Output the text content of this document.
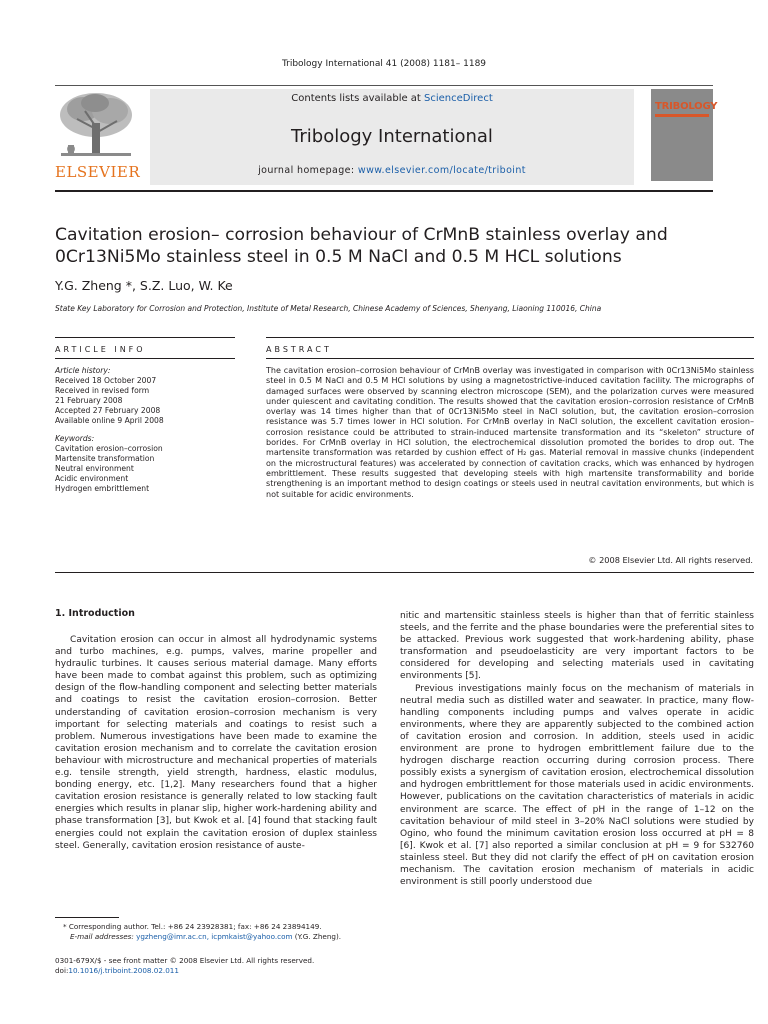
Tribology International 41 (2008) 1181– 1189
ELSEVIER
Contents lists available at ScienceDirect
Tribology International
journal homepage: www.elsevier.com/locate/triboint
TRIBOLOGY
Cavitation erosion– corrosion behaviour of CrMnB stainless overlay and
0Cr13Ni5Mo stainless steel in 0.5 M NaCl and 0.5 M HCL solutions
Y.G. Zheng *, S.Z. Luo, W. Ke
State Key Laboratory for Corrosion and Protection, Institute of Metal Research, Chinese Academy of Sciences, Shenyang, Liaoning 110016, China
ARTICLE INFO	ABSTRACT
Article history:
Received 18 October 2007
Received in revised form
21 February 2008
Accepted 27 February 2008
Available online 9 April 2008
Keywords:
Cavitation erosion–corrosion
Martensite transformation
Neutral environment
Acidic environment
Hydrogen embrittlement
The cavitation erosion–corrosion behaviour of CrMnB overlay was investigated in comparison with 0Cr13Ni5Mo stainless steel in 0.5 M NaCl and 0.5 M HCl solutions by using a magnetostrictive-induced cavitation facility. The micrographs of damaged surfaces were observed by scanning electron microscope (SEM), and the polarization curves were measured under quiescent and cavitating condition. The results showed that the cavitation erosion–corrosion resistance of CrMnB overlay was 14 times higher than that of 0Cr13Ni5Mo steel in NaCl solution, but, the cavitation erosion–corrosion resistance was 5.7 times lower in HCl solution. For CrMnB overlay in NaCl solution, the excellent cavitation erosion–corrosion resistance could be attributed to strain-induced martensite transformation and its “skeleton” structure of borides. For CrMnB overlay in HCl solution, the electrochemical dissolution promoted the borides to drop out. The martensite transformation was retarded by cushion effect of H₂ gas. Material removal in massive chunks (independent on the microstructural features) was accelerated by connection of cavitation cracks, which was enhanced by hydrogen embrittlement. These results suggested that developing steels with high martensite transformability and boride strengthening is an important method to design coatings or steels used in neutral cavitation environments, but which is not suitable for acidic environments.
© 2008 Elsevier Ltd. All rights reserved.
1. Introduction

Cavitation erosion can occur in almost all hydrodynamic systems and turbo machines, e.g. pumps, valves, marine propeller and hydraulic turbines. It causes serious material damage. Many efforts have been made to combat against this problem, such as optimizing design of the flow-handling component and selecting better materials and coatings to resist the cavitation erosion–corrosion. Better understanding of cavitation erosion–corrosion mechanism is very important for selecting materials and coatings to resist such a problem. Numerous investigations have been made to examine the cavitation erosion mechanism and to correlate the cavitation erosion behaviour with microstructure and mechanical properties of materials e.g. tensile strength, yield strength, hardness, elastic modulus, bonding energy, etc. [1,2]. Many researchers found that a higher cavitation erosion resistance is generally related to low stacking fault energies which results in planar slip, higher work-hardening ability and phase transformation [3], but Kwok et al. [4] found that stacking fault energies could not explain the cavitation erosion of duplex stainless steel. Generally, cavitation erosion resistance of auste-

nitic and martensitic stainless steels is higher than that of ferritic stainless steels, and the ferrite and the phase boundaries were the preferential sites to be attacked. Previous work suggested that work-hardening ability, phase transformation and pseudoelasticity are very important factors to be considered for developing and selecting materials used in cavitating environments [5].

Previous investigations mainly focus on the mechanism of materials in neutral media such as distilled water and seawater. In practice, many flow-handling components including pumps and valves operate in acidic environments, where they are apparently subjected to the combined action of cavitation erosion and corrosion. In addition, steels used in acidic environment are prone to hydrogen embrittlement failure due to the hydrogen discharge reaction occurring during corrosion process. There possibly exists a synergism of cavitation erosion, electrochemical dissolution and hydrogen embrittlement for those materials used in acidic environments. However, publications on the cavitation characteristics of materials in acidic environment are scarce. The effect of pH in the range of 1–12 on the cavitation behaviour of mild steel in 3–20% NaCl solutions were studied by Ogino, who found the minimum cavitation erosion loss occurred at pH = 8 [6]. Kwok et al. [7] also reported a similar conclusion at pH = 9 for S32760 stainless steel. But they did not clarify the effect of pH on cavitation erosion mechanism. The cavitation erosion mechanism of materials in acidic environment is still poorly understood due

* Corresponding author. Tel.: +86 24 23928381; fax: +86 24 23894149.
E-mail addresses: ygzheng@imr.ac.cn, icpmkaist@yahoo.com (Y.G. Zheng).
0301-679X/$ - see front matter © 2008 Elsevier Ltd. All rights reserved.
doi:10.1016/j.triboint.2008.02.011
